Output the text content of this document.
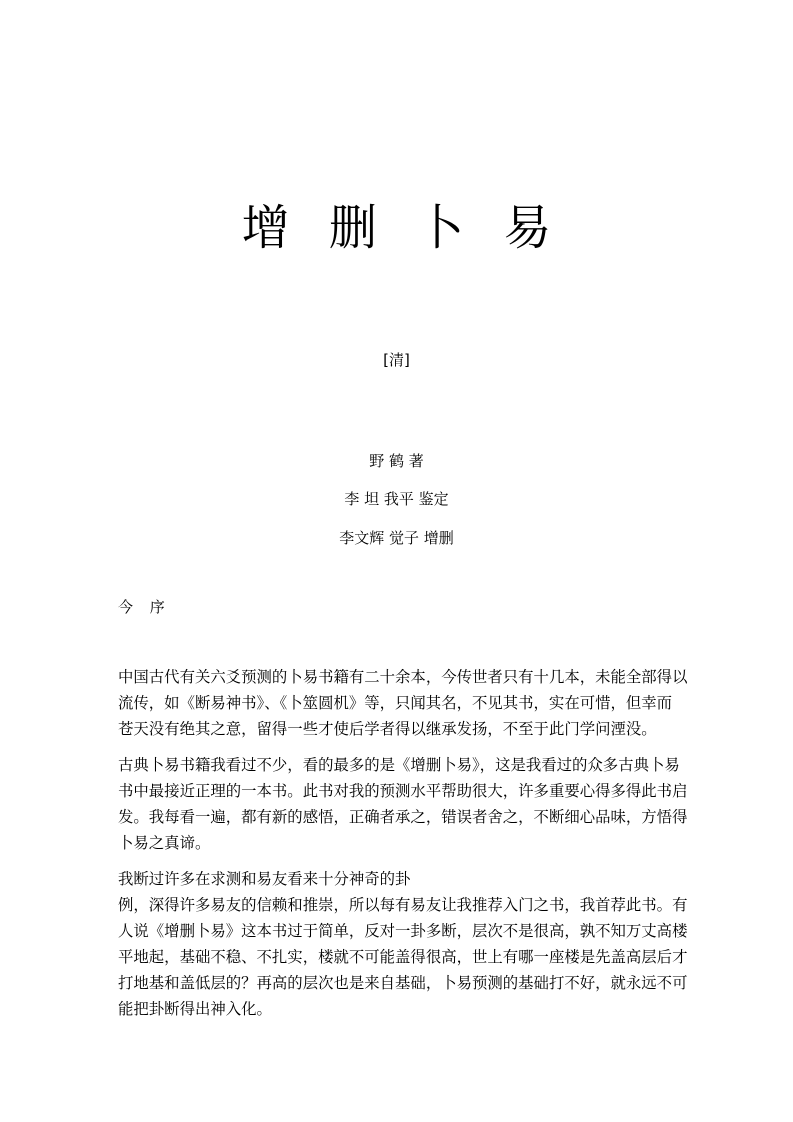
增 删 卜 易
[清]
野 鹤 著
李 坦 我平 鉴定
李文辉 觉子 增删
今 序

中国古代有关六爻预测的卜易书籍有二十余本，今传世者只有十几本，未能全部得以
流传，如《断易神书》、《卜筮圆机》等，只闻其名，不见其书，实在可惜，但幸而
苍天没有绝其之意，留得一些才使后学者得以继承发扬，不至于此门学问湮没。

古典卜易书籍我看过不少，看的最多的是《增删卜易》，这是我看过的众多古典卜易
书中最接近正理的一本书。此书对我的预测水平帮助很大，许多重要心得多得此书启
发。我每看一遍，都有新的感悟，正确者承之，错误者舍之，不断细心品味，方悟得
卜易之真谛。

我断过许多在求测和易友看来十分神奇的卦
例，深得许多易友的信赖和推崇，所以每有易友让我推荐入门之书，我首荐此书。有
人说《增删卜易》这本书过于简单，反对一卦多断，层次不是很高，孰不知万丈高楼
平地起，基础不稳、不扎实，楼就不可能盖得很高，世上有哪一座楼是先盖高层后才
打地基和盖低层的？再高的层次也是来自基础，卜易预测的基础打不好，就永远不可
能把卦断得出神入化。
